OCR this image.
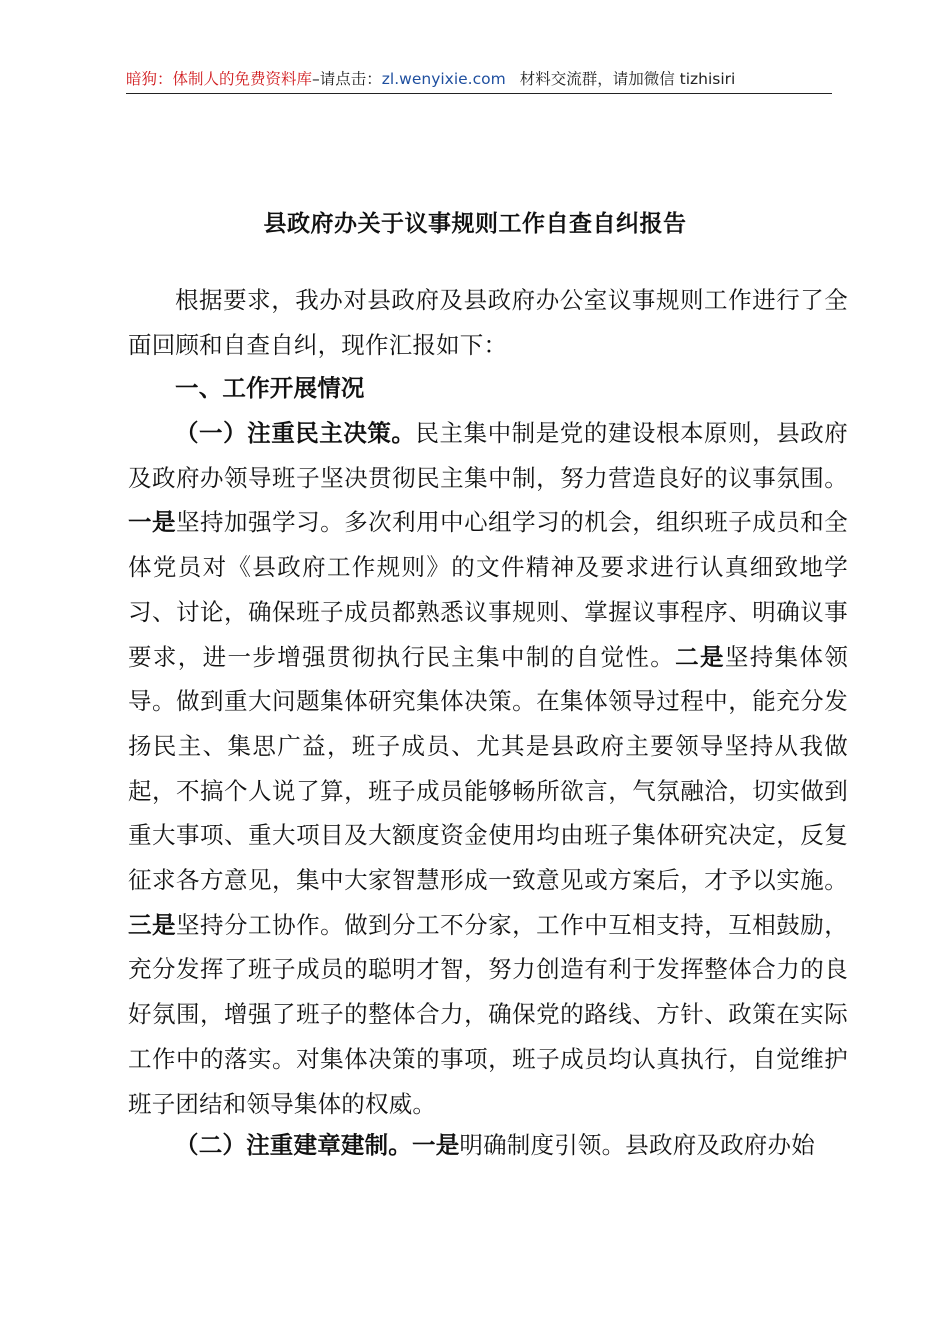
暗狗：体制人的免费资料库–请点击：zl.wenyixie.com 材料交流群，请加微信 tizhisiri
县政府办关于议事规则工作自查自纠报告
根据要求，我办对县政府及县政府办公室议事规则工作进行了全面回顾和自查自纠，现作汇报如下：
一、工作开展情况
（一）注重民主决策。民主集中制是党的建设根本原则，县政府及政府办领导班子坚决贯彻民主集中制，努力营造良好的议事氛围。一是坚持加强学习。多次利用中心组学习的机会，组织班子成员和全体党员对《县政府工作规则》的文件精神及要求进行认真细致地学习、讨论，确保班子成员都熟悉议事规则、掌握议事程序、明确议事要求，进一步增强贯彻执行民主集中制的自觉性。二是坚持集体领导。做到重大问题集体研究集体决策。在集体领导过程中，能充分发扬民主、集思广益，班子成员、尤其是县政府主要领导坚持从我做起，不搞个人说了算，班子成员能够畅所欲言，气氛融洽，切实做到重大事项、重大项目及大额度资金使用均由班子集体研究决定，反复征求各方意见，集中大家智慧形成一致意见或方案后，才予以实施。三是坚持分工协作。做到分工不分家，工作中互相支持，互相鼓励，充分发挥了班子成员的聪明才智，努力创造有利于发挥整体合力的良好氛围，增强了班子的整体合力，确保党的路线、方针、政策在实际工作中的落实。对集体决策的事项，班子成员均认真执行，自觉维护班子团结和领导集体的权威。
（二）注重建章建制。一是明确制度引领。县政府及政府办始
